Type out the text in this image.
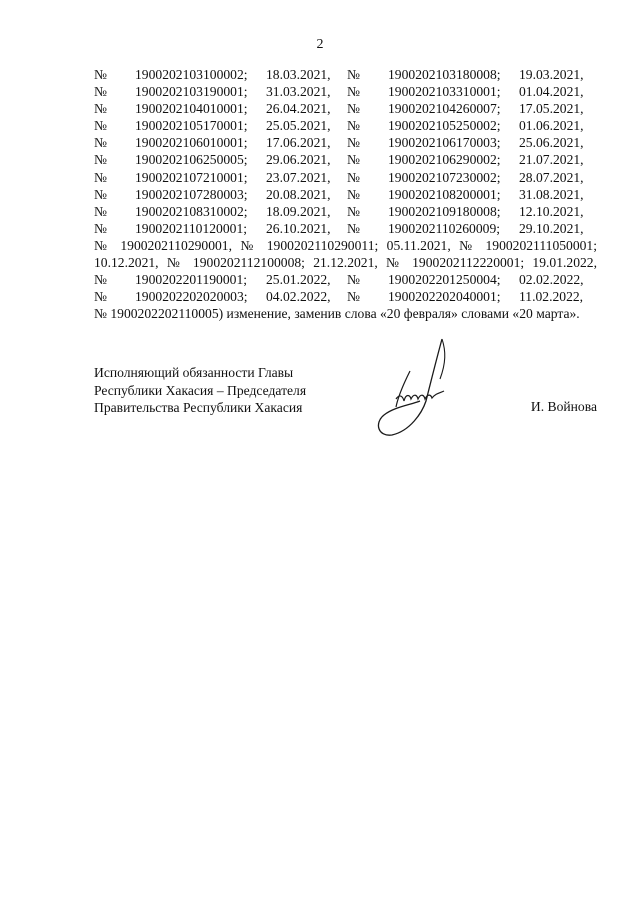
2
№	1900202103100002;	18.03.2021,	№	1900202103180008;	19.03.2021,
№	1900202103190001;	31.03.2021,	№	1900202103310001;	01.04.2021,
№	1900202104010001;	26.04.2021,	№	1900202104260007;	17.05.2021,
№	1900202105170001;	25.05.2021,	№	1900202105250002;	01.06.2021,
№	1900202106010001;	17.06.2021,	№	1900202106170003;	25.06.2021,
№	1900202106250005;	29.06.2021,	№	1900202106290002;	21.07.2021,
№	1900202107210001;	23.07.2021,	№	1900202107230002;	28.07.2021,
№	1900202107280003;	20.08.2021,	№	1900202108200001;	31.08.2021,
№	1900202108310002;	18.09.2021,	№	1900202109180008;	12.10.2021,
№	1900202110120001;	26.10.2021,	№	1900202110260009;	29.10.2021,
№ 1900202110290001, № 1900202110290011; 05.11.2021, № 1900202111050001;
10.12.2021, № 1900202112100008; 21.12.2021, № 1900202112220001; 19.01.2022,
№	1900202201190001;	25.01.2022,	№	1900202201250004;	02.02.2022,
№	1900202202020003;	04.02.2022,	№	1900202202040001;	11.02.2022,
№ 1900202202110005) изменение, заменив слова «20 февраля» словами «20 марта».
Исполняющий обязанности Главы
Республики Хакасия – Председателя
Правительства Республики Хакасия	И. Войнова
